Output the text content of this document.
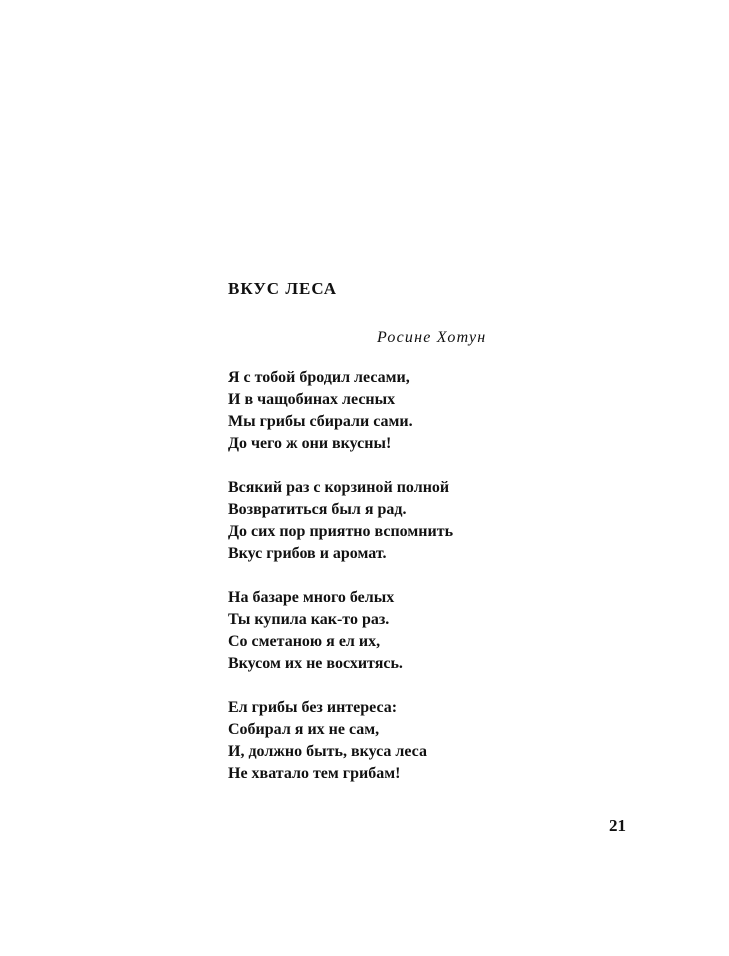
ВКУС ЛЕСА
Росине Хотун
Я с тобой бродил лесами,
И в чащобинах лесных
Мы грибы сбирали сами.
До чего ж они вкусны!
Всякий раз с корзиной полной
Возвратиться был я рад.
До сих пор приятно вспомнить
Вкус грибов и аромат.
На базаре много белых
Ты купила как-то раз.
Со сметаною я ел их,
Вкусом их не восхитясь.
Ел грибы без интереса:
Собирал я их не сам,
И, должно быть, вкуса леса
Не хватало тем грибам!
21
